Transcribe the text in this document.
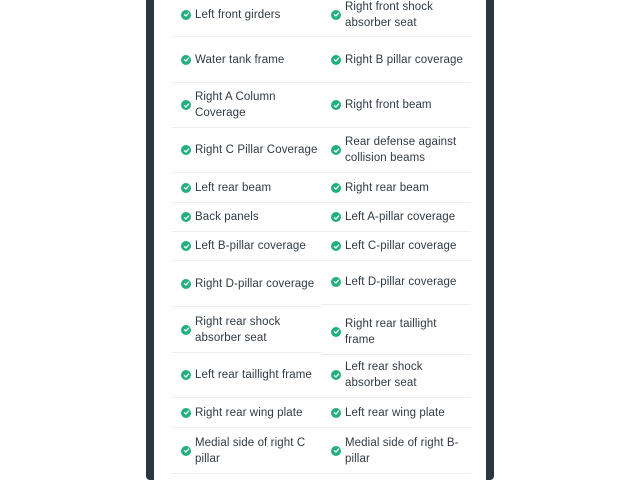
Left front girders
Water tank frame
Right A Column Coverage
Right C Pillar Coverage
Left rear beam
Back panels
Left B-pillar coverage
Right D-pillar coverage
Right rear shock absorber seat
Left rear taillight frame
Right rear wing plate
Medial side of right C pillar
Right front shock absorber seat
Right B pillar coverage
Right front beam
Rear defense against collision beams
Right rear beam
Left A-pillar coverage
Left C-pillar coverage
Left D-pillar coverage
Right rear taillight frame
Left rear shock absorber seat
Left rear wing plate
Medial side of right B-pillar
